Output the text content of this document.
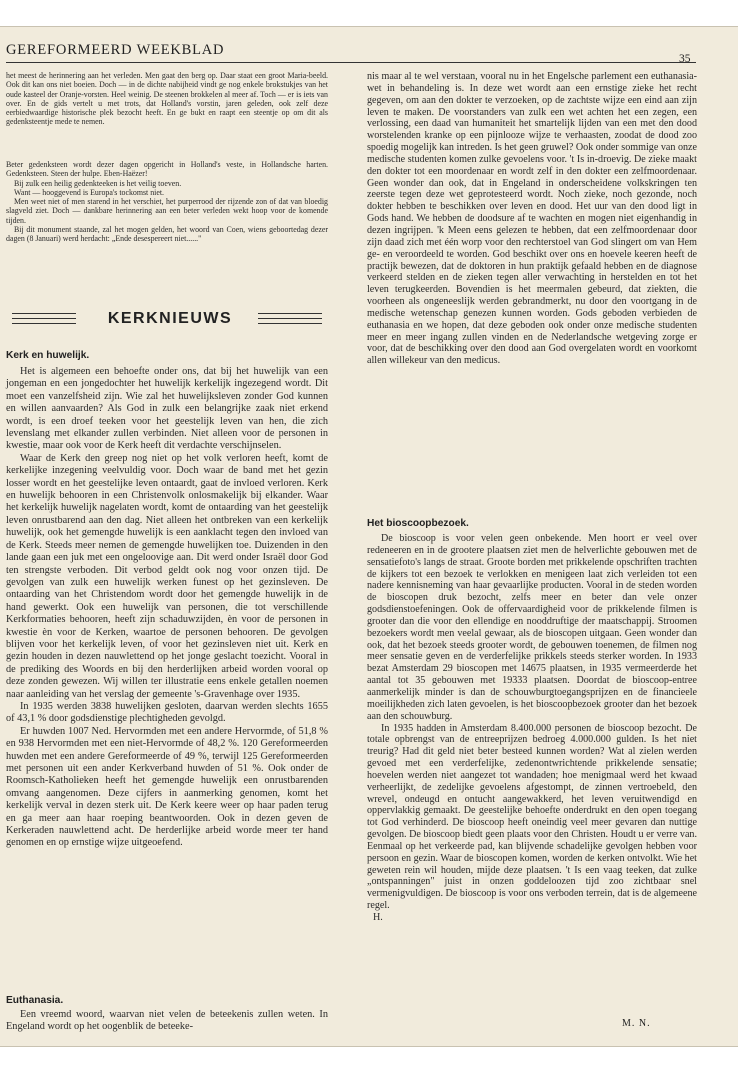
GEREFORMEERD WEEKBLAD
35

het meest de herinnering aan het verleden. Men gaat den berg op. Daar staat een groot Maria-beeld. Ook dit kan ons niet boeien. Doch — in de dichte nabijheid vindt ge nog enkele brokstukjes van het oude kasteel der Oranje-vorsten. Heel weinig. De steenen brokkelen al meer af. Toch — er is iets van over. En de gids vertelt u met trots, dat Holland's vorstin, jaren geleden, ook zelf deze eerbiedwaardige historische plek bezocht heeft. En ge bukt en raapt een steentje op om dit als gedenksteentje mede te nemen.

Beter gedenksteen wordt dezer dagen opgericht in Holland's veste, in Hollandsche harten. Gedenksteen. Steen der hulpe. Eben-Haëzer!

Bij zulk een heilig gedenkteeken is het veilig toeven.

Want — hooggevend is Europa's tockomst niet.

Men weet niet of men starend in het verschiet, het purperrood der rijzende zon of dat van bloedig slagveld ziet. Doch — dankbare herinnering aan een beter verleden wekt hoop voor de komende tijden.

Bij dit monument staande, zal het mogen gelden, het woord van Coen, wiens geboortedag dezer dagen (8 Januari) werd herdacht: „Ende desespereert niet......"

KERKNIEUWS
Kerk en huwelijk.

Het is algemeen een behoefte onder ons, dat bij het huwelijk van een jongeman en een jongedochter het huwelijk kerkelijk ingezegend wordt. Dit moet een vanzelfsheid zijn. Wie zal het huwelijksleven zonder God kunnen en willen aanvaarden? Als God in zulk een belangrijke zaak niet erkend wordt, is een droef teeken voor het geestelijk leven van hen, die zich levenslang met elkander zullen verbinden. Niet alleen voor de personen in kwestie, maar ook voor de Kerk heeft dit verdachte verschijnselen.

Waar de Kerk den greep nog niet op het volk verloren heeft, komt de kerkelijke inzegening veelvuldig voor. Doch waar de band met het gezin losser wordt en het geestelijke leven ontaardt, gaat de invloed verloren. Kerk en huwelijk behooren in een Christenvolk onlosmakelijk bij elkander. Waar het kerkelijk huwelijk nagelaten wordt, komt de ontaarding van het geestelijk leven onrustbarend aan den dag. Niet alleen het ontbreken van een kerkelijk huwelijk, ook het gemengde huwelijk is een aanklacht tegen den invloed van de Kerk. Steeds meer nemen de gemengde huwelijken toe. Duizenden in den lande gaan een juk met een ongeloovige aan. Dit werd onder Israël door God ten strengste verboden. Dit verbod geldt ook nog voor onzen tijd. De gevolgen van zulk een huwelijk werken funest op het gezinsleven. De ontaarding van het Christendom wordt door het gemengde huwelijk in de hand gewerkt. Ook een huwelijk van personen, die tot verschillende Kerkformaties behooren, heeft zijn schaduwzijden, èn voor de personen in kwestie èn voor de Kerken, waartoe de personen behooren. De gevolgen blijven voor het kerkelijk leven, of voor het gezinsleven niet uit. Kerk en gezin houden in dezen nauwlettend op het jonge geslacht toezicht. Vooral in de prediking des Woords en bij den herderlijken arbeid worden vooral op deze zonden gewezen. Wij willen ter illustratie eens enkele getallen noemen naar aanleiding van het verslag der gemeente 's-Gravenhage over 1935.

In 1935 werden 3838 huwelijken gesloten, daarvan werden slechts 1655 of 43,1 % door godsdienstige plechtigheden gevolgd.

Er huwden 1007 Ned. Hervormden met een andere Hervormde, of 51,8 % en 938 Hervormden met een niet-Hervormde of 48,2 %. 120 Gereformeerden huwden met een andere Gereformeerde of 49 %, terwijl 125 Gereformeerden met personen uit een ander Kerkverband huwden of 51 %. Ook onder de Roomsch-Katholieken heeft het gemengde huwelijk een onrustbarenden omvang aangenomen. Deze cijfers in aanmerking genomen, komt het kerkelijk verval in dezen sterk uit. De Kerk keere weer op haar paden terug en ga meer aan haar roeping beantwoorden. Ook in dezen geven de Kerkeraden nauwlettend acht. De herderlijke arbeid worde meer ter hand genomen en op ernstige wijze uitgeoefend.

Euthanasia.

Een vreemd woord, waarvan niet velen de beteekenis zullen weten. In Engeland wordt op het oogenblik de beteeke-

nis maar al te wel verstaan, vooral nu in het Engelsche parlement een euthanasia-wet in behandeling is. In deze wet wordt aan een ernstige zieke het recht gegeven, om aan den dokter te verzoeken, op de zachtste wijze een eind aan zijn leven te maken. De voorstanders van zulk een wet achten het een zegen, een verlossing, een daad van humaniteit het smartelijk lijden van een met den dood worstelenden kranke op een pijnlooze wijze te verhaasten, zoodat de dood zoo spoedig mogelijk kan intreden. Is het geen gruwel? Ook onder sommige van onze medische studenten komen zulke gevoelens voor. 't Is in-droevig. De zieke maakt den dokter tot een moordenaar en wordt zelf in den dokter een zelfmoordenaar. Geen wonder dan ook, dat in Engeland in onderscheidene volkskringen ten zeerste tegen deze wet geprotesteerd wordt. Noch zieke, noch gezonde, noch dokter hebben te beschikken over leven en dood. Het uur van den dood ligt in Gods hand. We hebben de doodsure af te wachten en mogen niet eigenhandig in dezen ingrijpen. 'k Meen eens gelezen te hebben, dat een zelfmoordenaar door zijn daad zich met één worp voor den rechterstoel van God slingert om van Hem ge- en veroordeeld te worden. God beschikt over ons en hoevele keeren heeft de practijk bewezen, dat de doktoren in hun praktijk gefaald hebben en de diagnose verkeerd stelden en de zieken tegen aller verwachting in herstelden en tot het leven terugkeerden. Bovendien is het meermalen gebeurd, dat ziekten, die voorheen als ongeneeslijk werden gebrandmerkt, nu door den voortgang in de medische wetenschap genezen kunnen worden. Gods geboden verbieden de euthanasia en we hopen, dat deze geboden ook onder onze medische studenten meer en meer ingang zullen vinden en de Nederlandsche wetgeving zorge er voor, dat de beschikking over den dood aan God overgelaten wordt en voorkomt allen willekeur van den medicus.

Het bioscoopbezoek.

De bioscoop is voor velen geen onbekende. Men hoort er veel over redeneeren en in de grootere plaatsen ziet men de helverlichte gebouwen met de sensatiefoto's langs de straat. Groote borden met prikkelende opschriften trachten de kijkers tot een bezoek te verlokken en menigeen laat zich verleiden tot een nadere kennisneming van haar gevaarlijke producten. Vooral in de steden worden de bioscopen druk bezocht, zelfs meer en beter dan vele onzer godsdienstoefeningen. Ook de offervaardigheid voor de prikkelende filmen is grooter dan die voor den ellendige en nooddruftige der maatschappij. Stroomen bezoekers wordt men veelal gewaar, als de bioscopen uitgaan. Geen wonder dan ook, dat het bezoek steeds grooter wordt, de gebouwen toenemen, de filmen nog meer sensatie geven en de verderfelijke prikkels steeds sterker worden. In 1933 bezat Amsterdam 29 bioscopen met 14675 plaatsen, in 1935 vermeerderde het aantal tot 35 gebouwen met 19333 plaatsen. Doordat de bioscoop-entree aanmerkelijk minder is dan de schouwburgtoegangsprijzen en de financieele moeilijkheden zich laten gevoelen, is het bioscoopbezoek grooter dan het bezoek aan den schouwburg.

In 1935 hadden in Amsterdam 8.400.000 personen de bioscoop bezocht. De totale opbrengst van de entreeprijzen bedroeg 4.000.000 gulden. Is het niet treurig? Had dit geld niet beter besteed kunnen worden? Wat al zielen werden gevoed met een verderfelijke, zedenontwrichtende prikkelende sensatie; hoevelen werden niet aangezet tot wandaden; hoe menigmaal werd het kwaad verheerlijkt, de zedelijke gevoelens afgestompt, de zinnen vertroebeld, den wrevel, ondeugd en ontucht aangewakkerd, het leven veruitwendigd en oppervlakkig gemaakt. De geestelijke behoefte onderdrukt en den open toegang tot God verhinderd. De bioscoop heeft oneindig veel meer gevaren dan nuttige gevolgen. De bioscoop biedt geen plaats voor den Christen. Houdt u er verre van. Eenmaal op het verkeerde pad, kan blijvende schadelijke gevolgen hebben voor persoon en gezin. Waar de bioscopen komen, worden de kerken ontvolkt. Wie het geweten rein wil houden, mijde deze plaatsen. 't Is een vaag teeken, dat zulke „ontspanningen" juist in onzen goddeloozen tijd zoo zichtbaar snel vermenigvuldigen. De bioscoop is voor ons verboden terrein, dat is de algemeene regel.

H.

M. N.
